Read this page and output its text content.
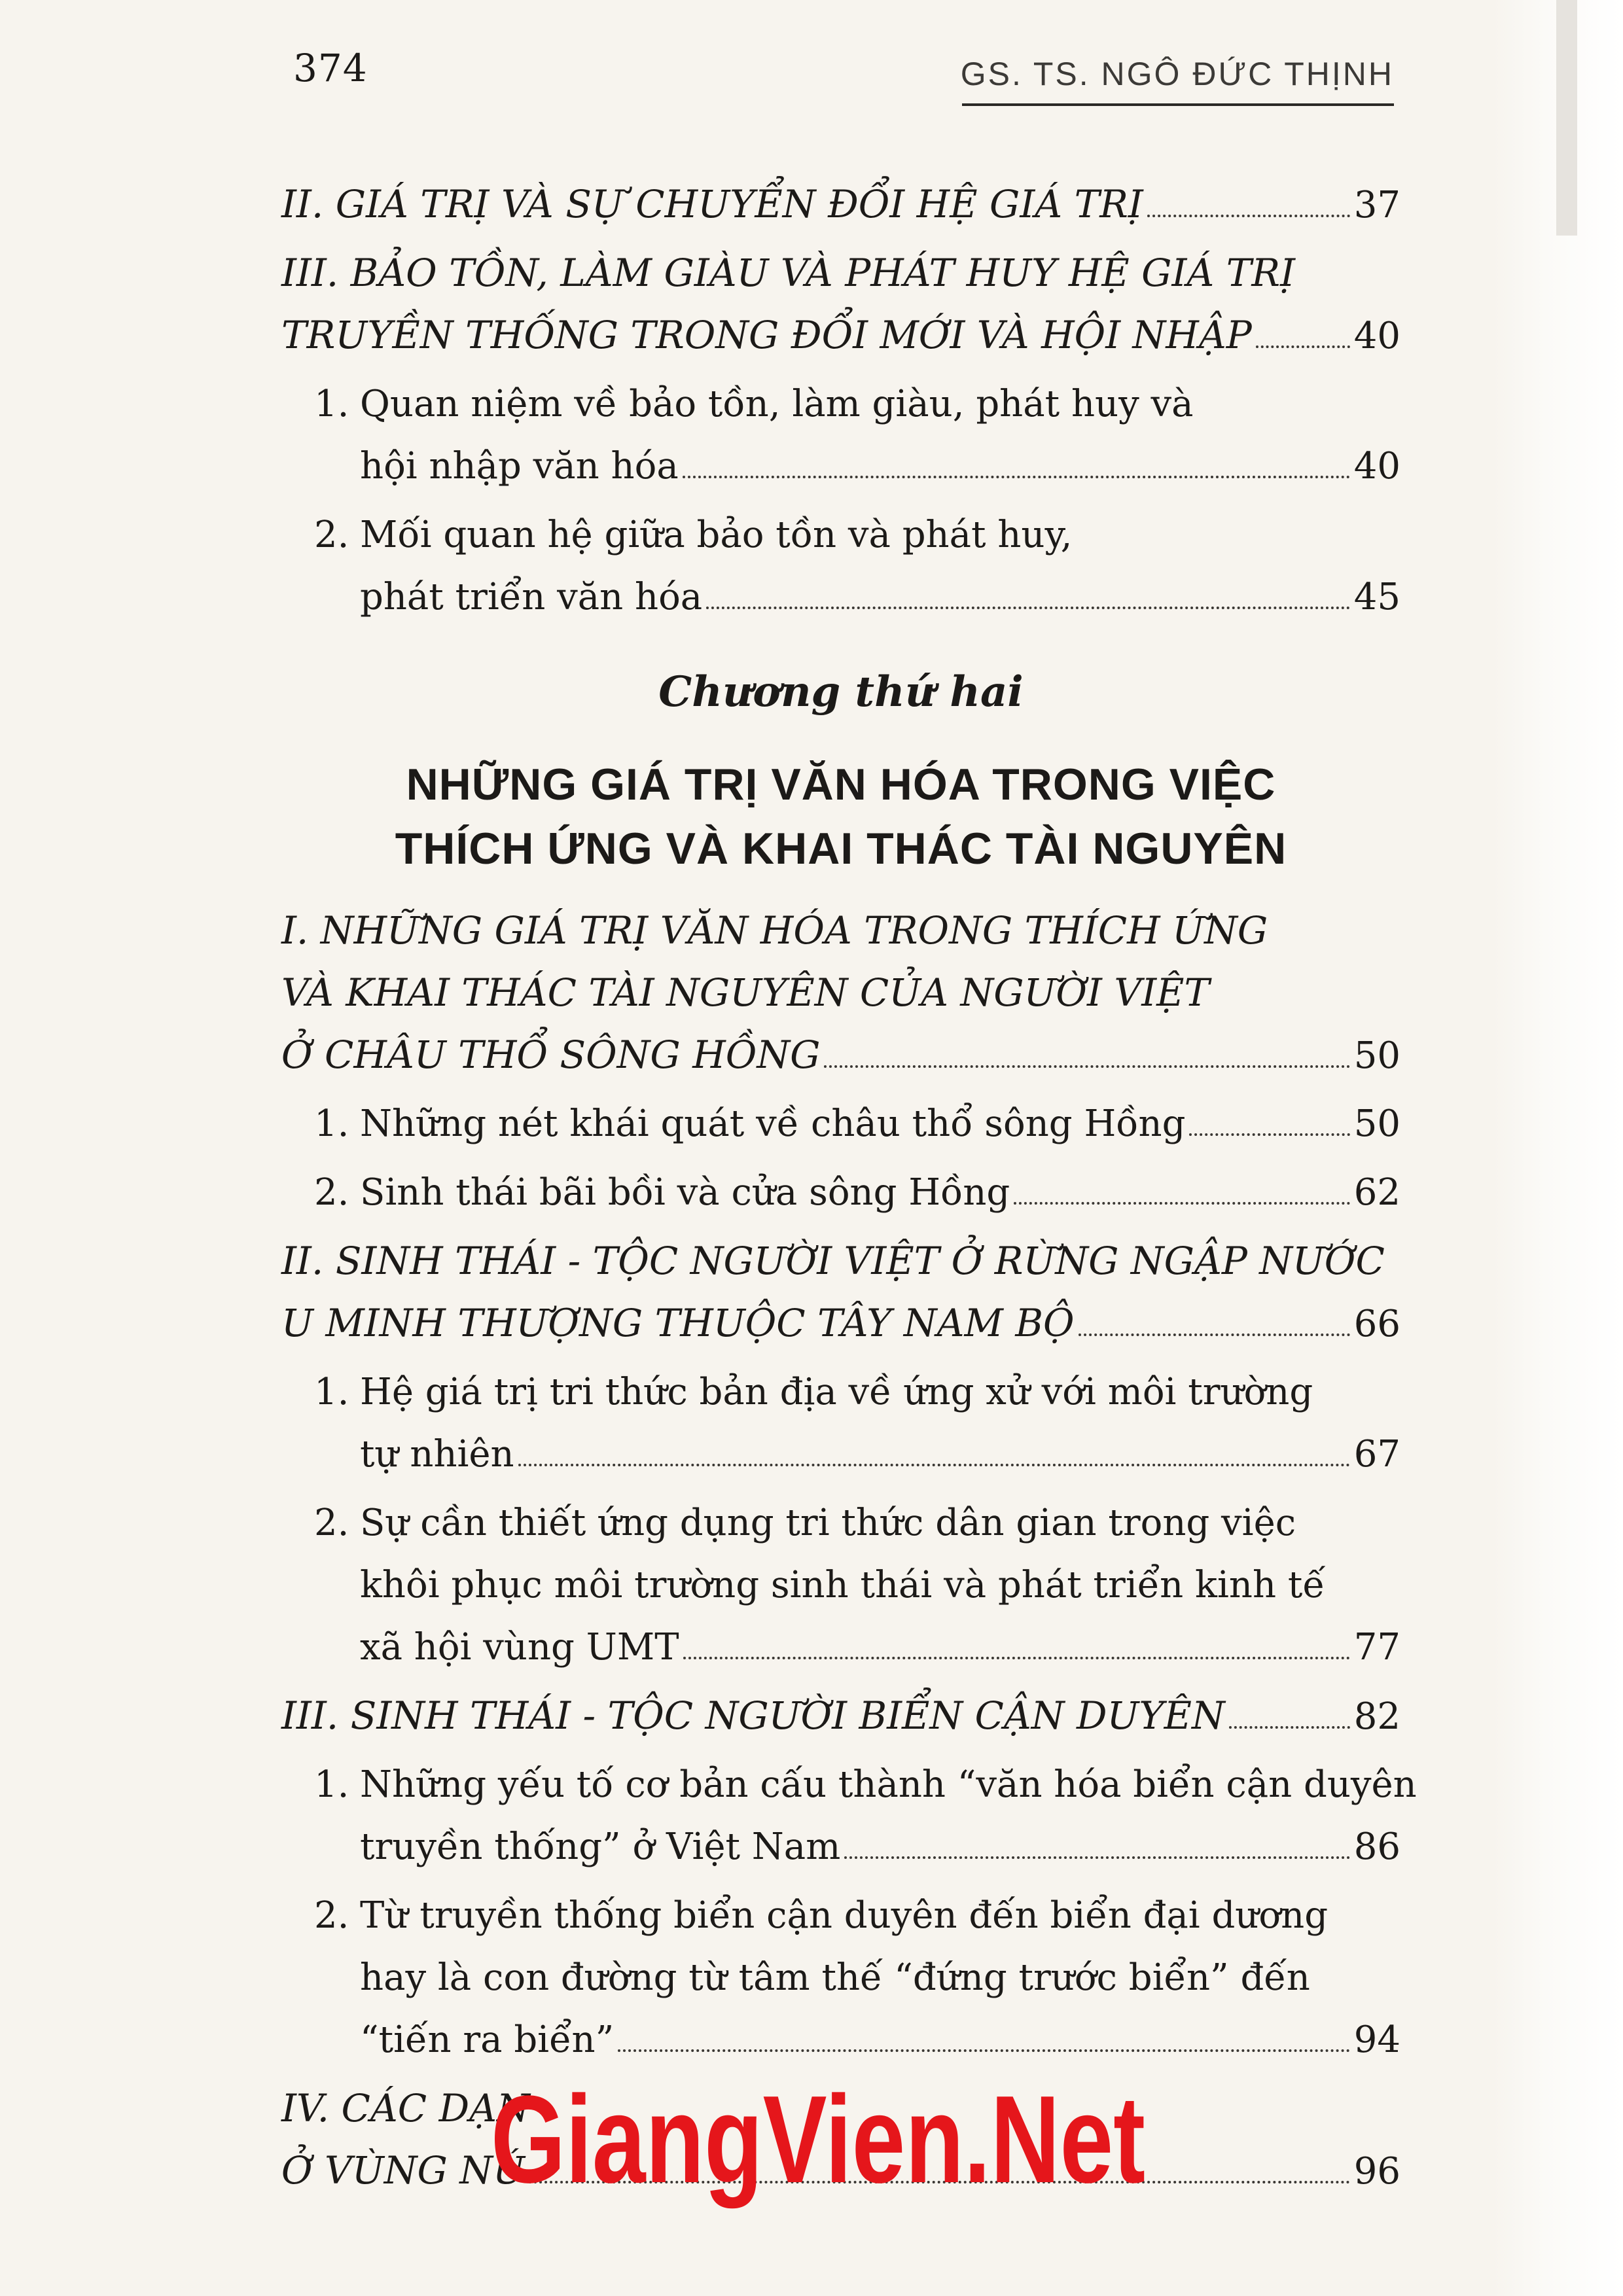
374	GS. TS. NGÔ ĐỨC THỊNH
II. GIÁ TRỊ VÀ SỰ CHUYỂN ĐỔI HỆ GIÁ TRỊ	37
III. BẢO TỒN, LÀM GIÀU VÀ PHÁT HUY HỆ GIÁ TRỊ
TRUYỀN THỐNG TRONG ĐỔI MỚI VÀ HỘI NHẬP	40
1. Quan niệm về bảo tồn, làm giàu, phát huy và
hội nhập văn hóa	40
2. Mối quan hệ giữa bảo tồn và phát huy,
phát triển văn hóa	45
I. NHỮNG GIÁ TRỊ VĂN HÓA TRONG THÍCH ỨNG
VÀ KHAI THÁC TÀI NGUYÊN CỦA NGƯỜI VIỆT
Ở CHÂU THỔ SÔNG HỒNG	50
1. Những nét khái quát về châu thổ sông Hồng	50
2. Sinh thái bãi bồi và cửa sông Hồng	62
II. SINH THÁI - TỘC NGƯỜI VIỆT Ở RỪNG NGẬP NƯỚC
U MINH THƯỢNG THUỘC TÂY NAM BỘ	66
1. Hệ giá trị tri thức bản địa về ứng xử với môi trường
tự nhiên	67
2. Sự cần thiết ứng dụng tri thức dân gian trong việc
khôi phục môi trường sinh thái và phát triển kinh tế
xã hội vùng UMT	77
III. SINH THÁI - TỘC NGƯỜI BIỂN CẬN DUYÊN	82
1. Những yếu tố cơ bản cấu thành “văn hóa biển cận duyên
truyền thống” ở Việt Nam	86
2. Từ truyền thống biển cận duyên đến biển đại dương
hay là con đường từ tâm thế “đứng trước biển” đến
“tiến ra biển”	94
IV. CÁC DẠN
Ở VÙNG NÚ	96
Chương thứ hai
NHỮNG GIÁ TRỊ VĂN HÓA TRONG VIỆC
THÍCH ỨNG VÀ KHAI THÁC TÀI NGUYÊN
GiangVien.Net
